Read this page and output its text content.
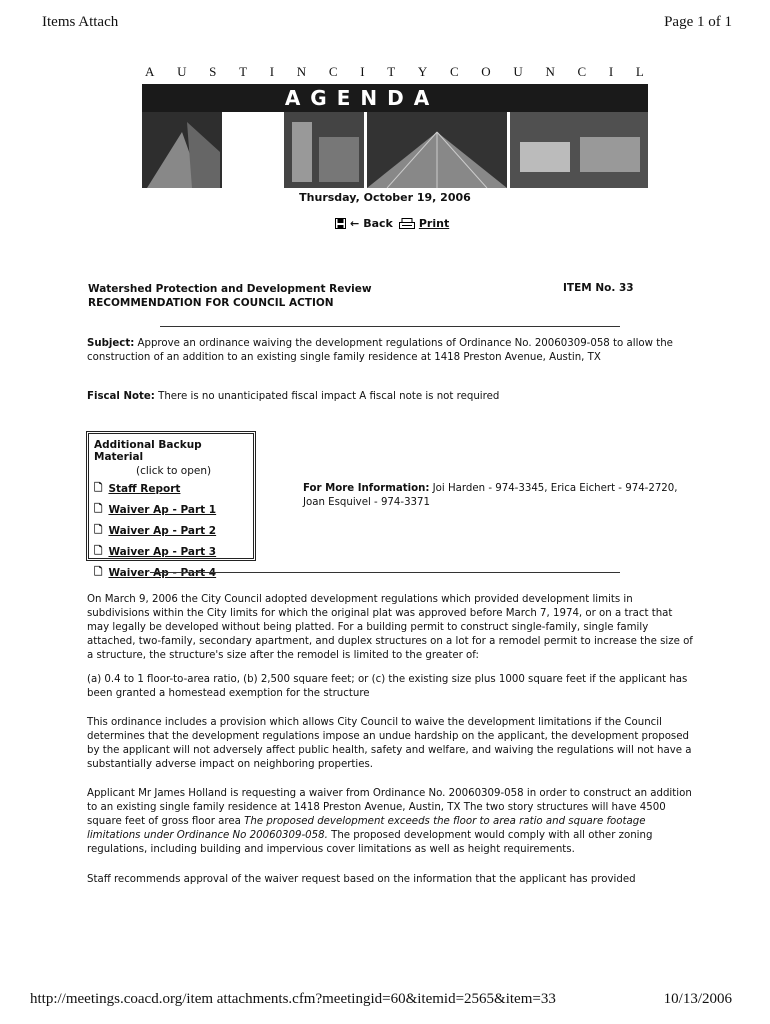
Items Attach	Page 1 of 1
A U S T I N C I T Y C O U N C I L
AGENDA
Thursday, October 19, 2006
← Back Print
Watershed Protection and Development Review
RECOMMENDATION FOR COUNCIL ACTION
ITEM No. 33
Subject: Approve an ordinance waiving the development regulations of Ordinance No. 20060309-058 to allow the construction of an addition to an existing single family residence at 1418 Preston Avenue, Austin, TX
Fiscal Note: There is no unanticipated fiscal impact A fiscal note is not required
Additional Backup Material
(click to open)
🗋 Staff Report
🗋 Waiver Ap - Part 1
🗋 Waiver Ap - Part 2
🗋 Waiver Ap - Part 3
🗋 Waiver Ap - Part 4
For More Information: Joi Harden - 974-3345, Erica Eichert - 974-2720, Joan Esquivel - 974-3371
On March 9, 2006 the City Council adopted development regulations which provided development limits in subdivisions within the City limits for which the original plat was approved before March 7, 1974, or on a tract that may legally be developed without being platted. For a building permit to construct single-family, single family attached, two-family, secondary apartment, and duplex structures on a lot for a remodel permit to increase the size of a structure, the structure's size after the remodel is limited to the greater of:
(a) 0.4 to 1 floor-to-area ratio, (b) 2,500 square feet; or (c) the existing size plus 1000 square feet if the applicant has been granted a homestead exemption for the structure
This ordinance includes a provision which allows City Council to waive the development limitations if the Council determines that the development regulations impose an undue hardship on the applicant, the development proposed by the applicant will not adversely affect public health, safety and welfare, and waiving the regulations will not have a substantially adverse impact on neighboring properties.
Applicant Mr James Holland is requesting a waiver from Ordinance No. 20060309-058 in order to construct an addition to an existing single family residence at 1418 Preston Avenue, Austin, TX The two story structures will have 4500 square feet of gross floor area The proposed development exceeds the floor to area ratio and square footage limitations under Ordinance No 20060309-058. The proposed development would comply with all other zoning regulations, including building and impervious cover limitations as well as height requirements.
Staff recommends approval of the waiver request based on the information that the applicant has provided
http://meetings.coacd.org/item attachments.cfm?meetingid=60&itemid=2565&item=33	10/13/2006
